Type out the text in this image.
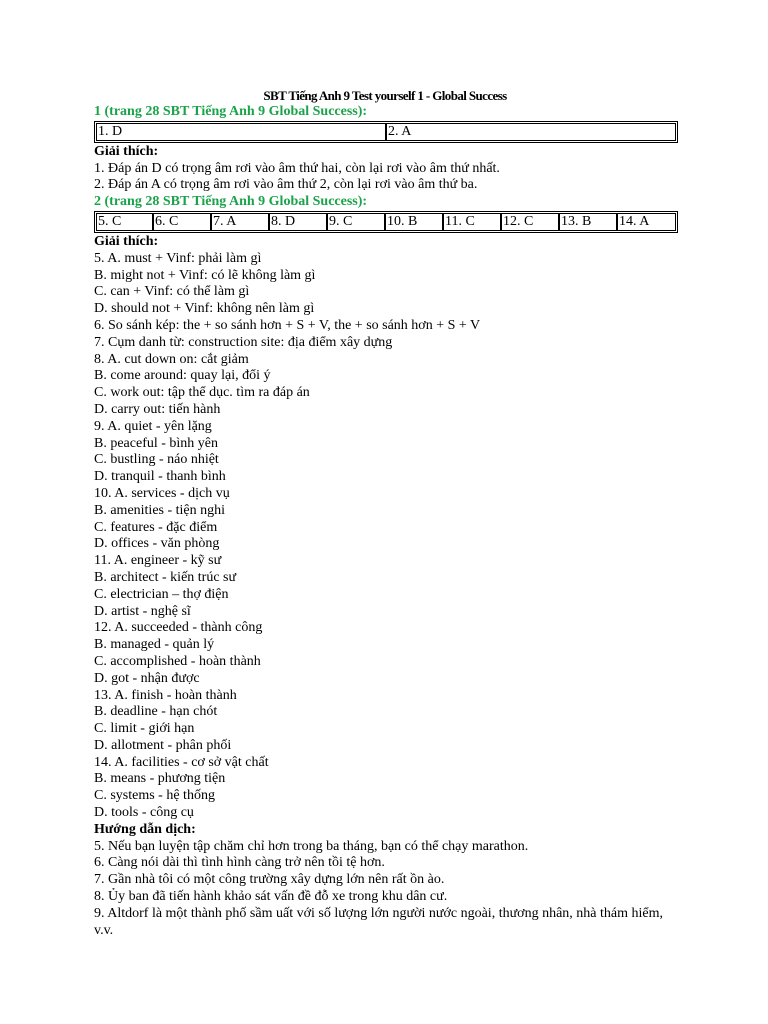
SBT Tiếng Anh 9 Test yourself 1 - Global Success
1 (trang 28 SBT Tiếng Anh 9 Global Success):
1. D	2. A
Giải thích:
1. Đáp án D có trọng âm rơi vào âm thứ hai, còn lại rơi vào âm thứ nhất.
2. Đáp án A có trọng âm rơi vào âm thứ 2, còn lại rơi vào âm thứ ba.
2 (trang 28 SBT Tiếng Anh 9 Global Success):
5. C	6. C	7. A	8. D	9. C	10. B	11. C	12. C	13. B	14. A
Giải thích:
5. A. must + Vinf: phải làm gì
B. might not + Vinf: có lẽ không làm gì
C. can + Vinf: có thể làm gì
D. should not + Vinf: không nên làm gì
6. So sánh kép: the + so sánh hơn + S + V, the + so sánh hơn + S + V
7. Cụm danh từ: construction site: địa điểm xây dựng
8. A. cut down on: cắt giảm
B. come around: quay lại, đổi ý
C. work out: tập thể dục. tìm ra đáp án
D. carry out: tiến hành
9. A. quiet - yên lặng
B. peaceful - bình yên
C. bustling - náo nhiệt
D. tranquil - thanh bình
10. A. services - dịch vụ
B. amenities - tiện nghi
C. features - đặc điểm
D. offices - văn phòng
11. A. engineer - kỹ sư
B. architect - kiến trúc sư
C. electrician – thợ điện
D. artist - nghệ sĩ
12. A. succeeded - thành công
B. managed - quản lý
C. accomplished - hoàn thành
D. got - nhận được
13. A. finish - hoàn thành
B. deadline - hạn chót
C. limit - giới hạn
D. allotment - phân phối
14. A. facilities - cơ sở vật chất
B. means - phương tiện
C. systems - hệ thống
D. tools - công cụ
Hướng dẫn dịch:
5. Nếu bạn luyện tập chăm chỉ hơn trong ba tháng, bạn có thể chạy marathon.
6. Càng nói dài thì tình hình càng trở nên tồi tệ hơn.
7. Gần nhà tôi có một công trường xây dựng lớn nên rất ồn ào.
8. Ủy ban đã tiến hành khảo sát vấn đề đỗ xe trong khu dân cư.
9. Altdorf là một thành phố sầm uất với số lượng lớn người nước ngoài, thương nhân, nhà thám hiểm, v.v.
